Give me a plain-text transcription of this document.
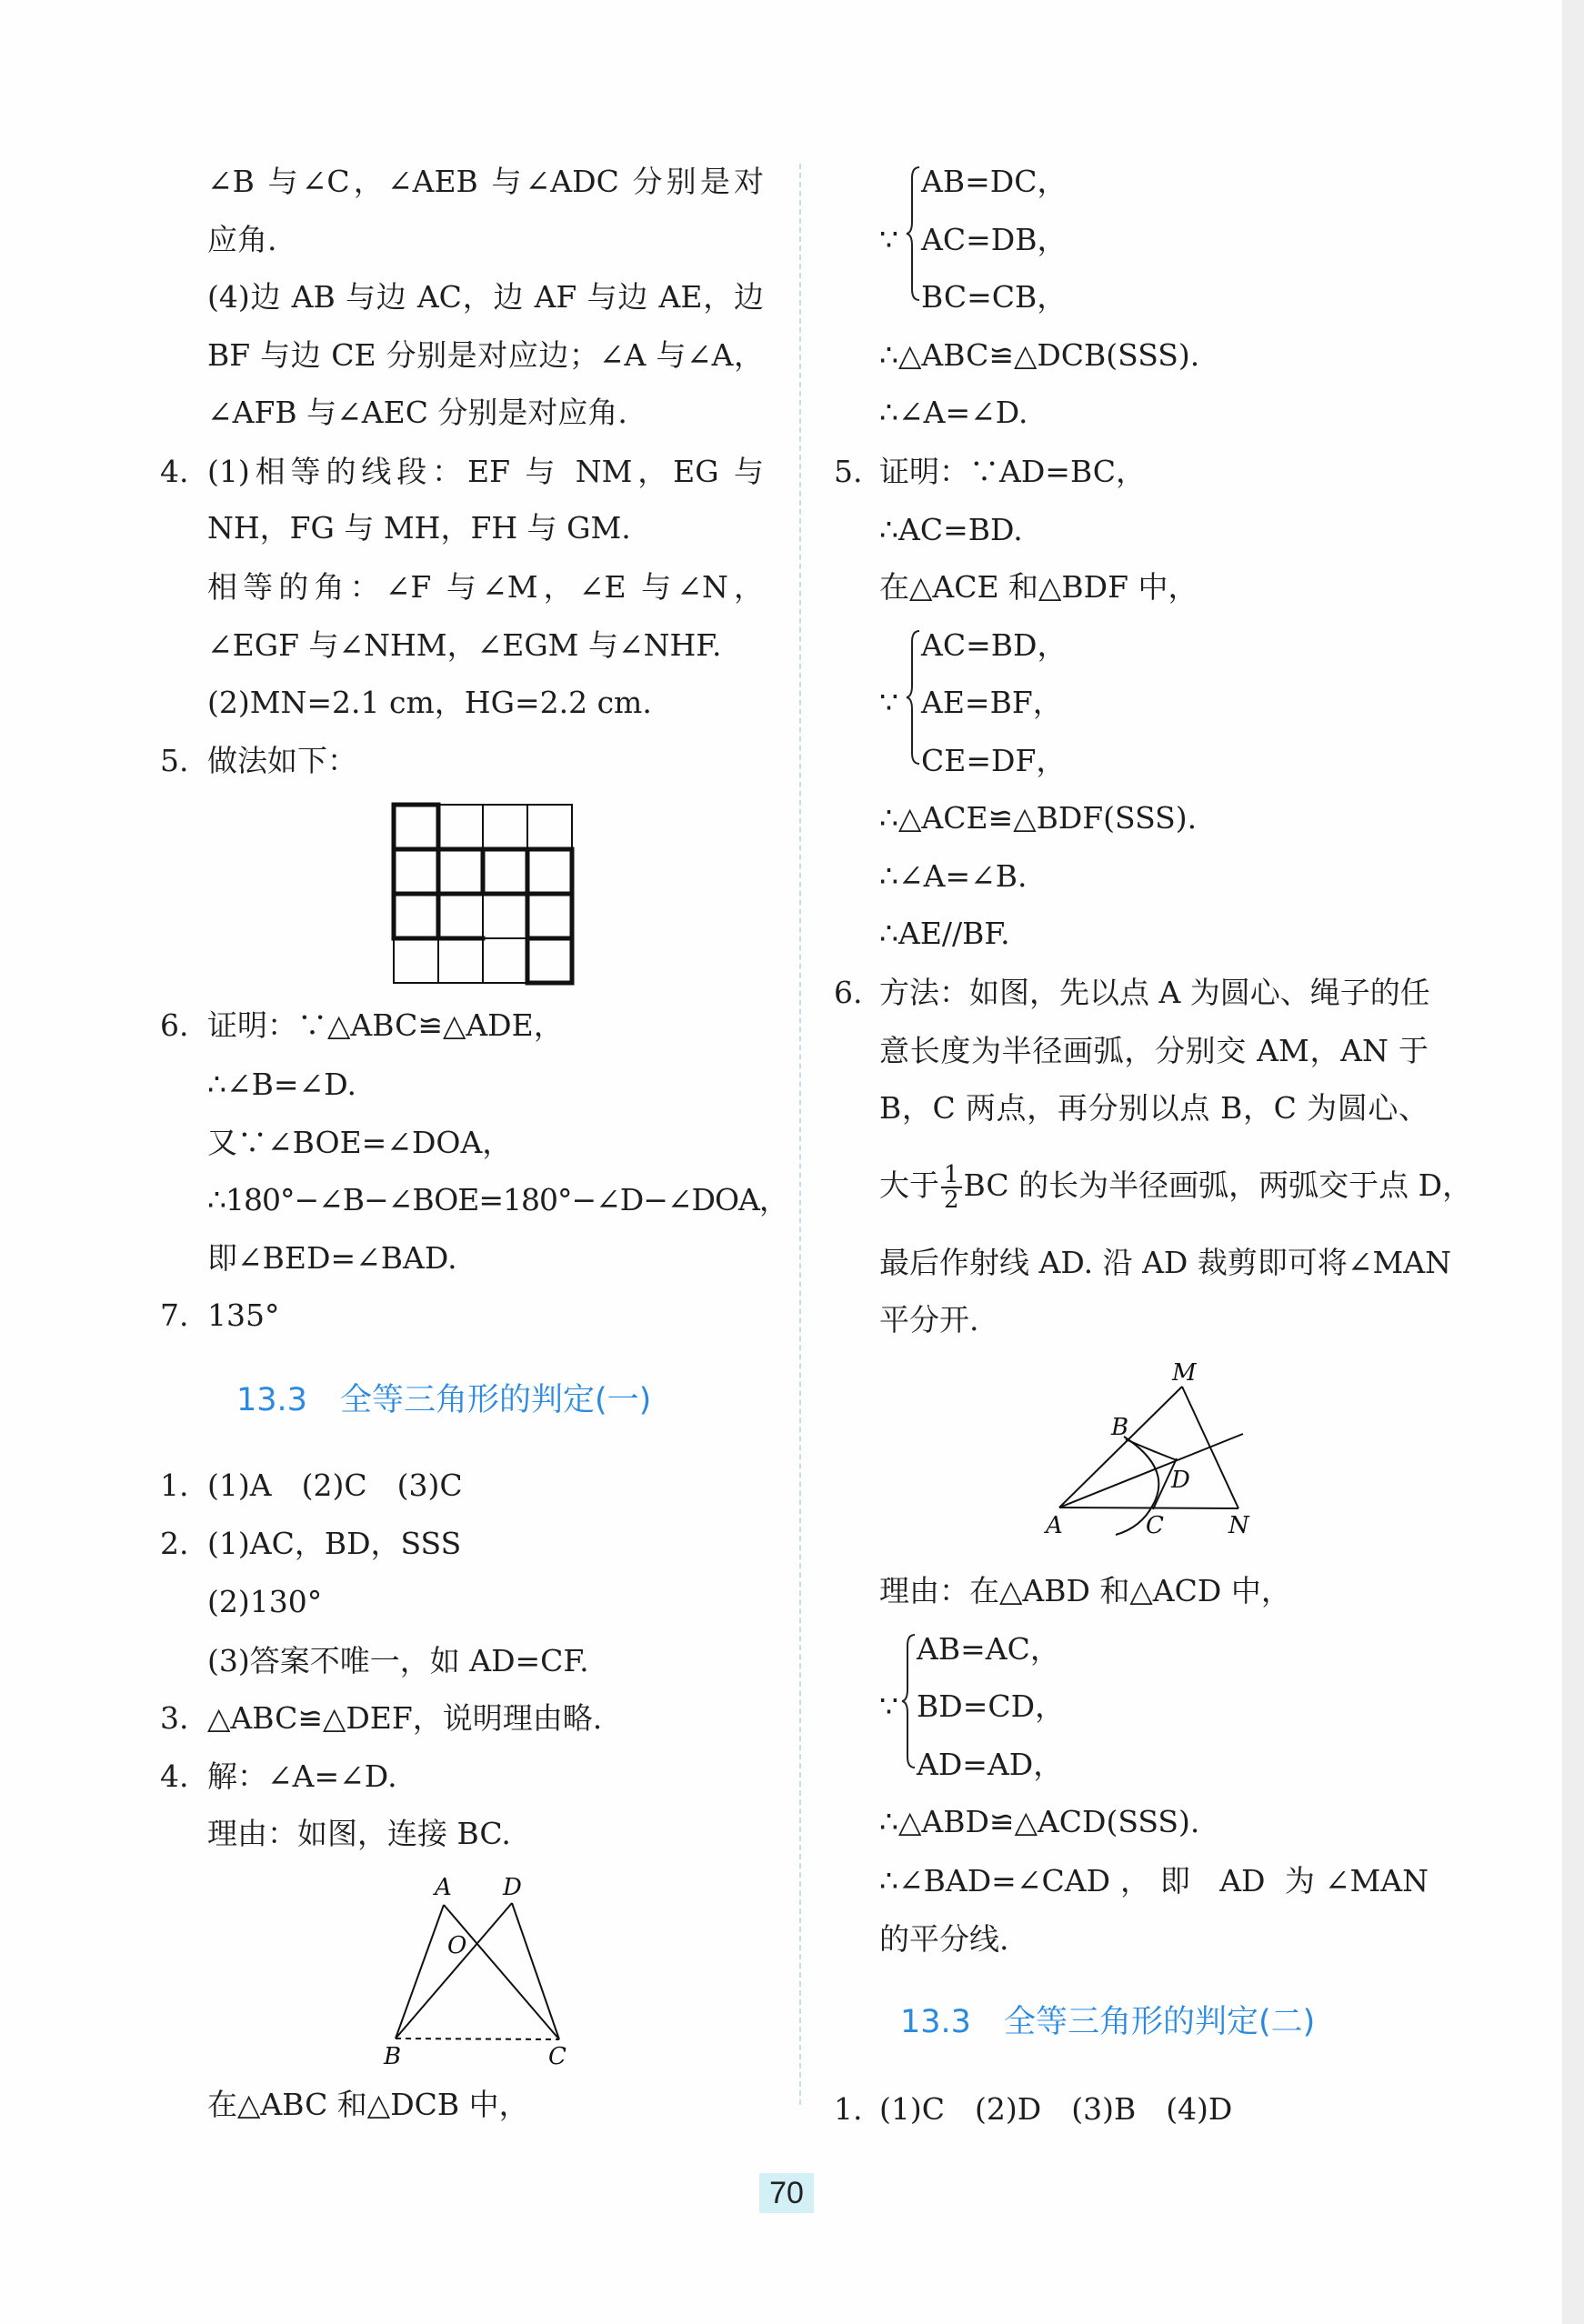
∠B 与∠C，∠AEB 与∠ADC 分别是对
应角.
(4)边 AB 与边 AC，边 AF 与边 AE，边
BF 与边 CE 分别是对应边；∠A 与∠A，
∠AFB 与∠AEC 分别是对应角.
4. (1)相等的线段：EF 与 NM，EG 与
NH，FG 与 MH，FH 与 GM.
相等的角：∠F 与∠M，∠E 与∠N，
∠EGF 与∠NHM，∠EGM 与∠NHF.
(2)MN=2.1 cm，HG=2.2 cm.
5. 做法如下：
6. 证明：∵△ABC≌△ADE，
∴∠B=∠D.
又∵∠BOE=∠DOA，
∴180°−∠B−∠BOE=180°−∠D−∠DOA，
即∠BED=∠BAD.
7. 135°
13.3 全等三角形的判定(一)
1. (1)A　(2)C　(3)C
2. (1)AC，BD，SSS
(2)130°
(3)答案不唯一，如 AD=CF.
3. △ABC≌△DEF，说明理由略.
4. 解：∠A=∠D.
理由：如图，连接 BC.
在△ABC 和△DCB 中，
∵
AB=DC，
AC=DB，
BC=CB，
∴△ABC≌△DCB(SSS).
∴∠A=∠D.
5. 证明：∵AD=BC，
∴AC=BD.
在△ACE 和△BDF 中，
∵
AC=BD，
AE=BF，
CE=DF，
∴△ACE≌△BDF(SSS).
∴∠A=∠B.
∴AE//BF.
6. 方法：如图，先以点 A 为圆心、绳子的任
意长度为半径画弧，分别交 AM，AN 于
B，C 两点，再分别以点 B，C 为圆心、
大于 $\frac{1}{2}$ BC 的长为半径画弧，两弧交于点 D，
最后作射线 AD. 沿 AD 裁剪即可将∠MAN
平分开.
理由：在△ABD 和△ACD 中，
∵
AB=AC，
BD=CD，
AD=AD，
∴△ABD≌△ACD(SSS).
∴∠BAD=∠CAD，即 AD 为∠MAN
的平分线.
13.3 全等三角形的判定(二)
1. (1)C　(2)D　(3)B　(4)D
70
A D
O
B	C
M
B
D
A	C	N
